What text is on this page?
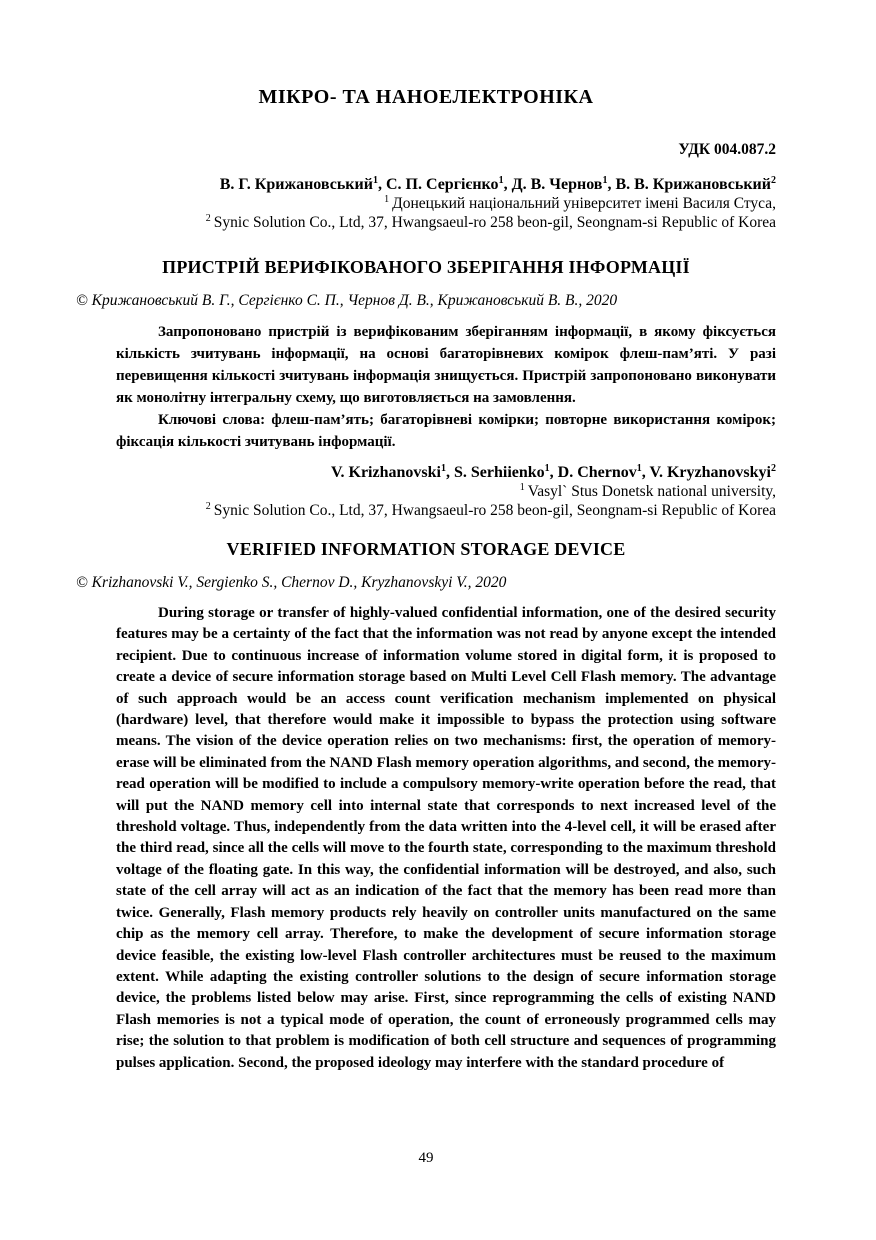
МІКРО- ТА НАНОЕЛЕКТРОНІКА
УДК 004.087.2
В. Г. Крижановський$^1$, С. П. Сергієнко$^1$, Д. В. Чернов$^1$, В. В. Крижановський$^2$
$^1$ Донецький національний університет імені Василя Стуса,
$^2$ Synic Solution Co., Ltd, 37, Hwangsaeul-ro 258 beon-gil, Seongnam-si Republic of Korea
ПРИСТРІЙ ВЕРИФІКОВАНОГО ЗБЕРІГАННЯ ІНФОРМАЦІЇ
© Крижановський В. Г., Сергієнко С. П., Чернов Д. В., Крижановський В. В., 2020

Запропоновано пристрій із верифікованим зберіганням інформації, в якому фіксується кількість зчитувань інформації, на основі багаторівневих комірок флеш-пам’яті. У разі перевищення кількості зчитувань інформація знищується. Пристрій запропоновано виконувати як монолітну інтегральну схему, що виготовляється на замовлення.

Ключові слова: флеш-пам’ять; багаторівневі комірки; повторне використання комірок; фіксація кількості зчитувань інформації.

V. Krizhanovski$^1$, S. Serhiienko$^1$, D. Chernov$^1$, V. Kryzhanovskyi$^2$
$^1$ Vasyl` Stus Donetsk national university,
$^2$ Synic Solution Co., Ltd, 37, Hwangsaeul-ro 258 beon-gil, Seongnam-si Republic of Korea
VERIFIED INFORMATION STORAGE DEVICE
© Krizhanovski V., Sergienko S., Chernov D., Kryzhanovskyi V., 2020

During storage or transfer of highly-valued confidential information, one of the desired security features may be a certainty of the fact that the information was not read by anyone except the intended recipient. Due to continuous increase of information volume stored in digital form, it is proposed to create a device of secure information storage based on Multi Level Cell Flash memory. The advantage of such approach would be an access count verification mechanism implemented on physical (hardware) level, that therefore would make it impossible to bypass the protection using software means. The vision of the device operation relies on two mechanisms: first, the operation of memory-erase will be eliminated from the NAND Flash memory operation algorithms, and second, the memory-read operation will be modified to include a compulsory memory-write operation before the read, that will put the NAND memory cell into internal state that corresponds to next increased level of the threshold voltage. Thus, independently from the data written into the 4-level cell, it will be erased after the third read, since all the cells will move to the fourth state, corresponding to the maximum threshold voltage of the floating gate. In this way, the confidential information will be destroyed, and also, such state of the cell array will act as an indication of the fact that the memory has been read more than twice. Generally, Flash memory products rely heavily on controller units manufactured on the same chip as the memory cell array. Therefore, to make the development of secure information storage device feasible, the existing low-level Flash controller architectures must be reused to the maximum extent. While adapting the existing controller solutions to the design of secure information storage device, the problems listed below may arise. First, since reprogramming the cells of existing NAND Flash memories is not a typical mode of operation, the count of erroneously programmed cells may rise; the solution to that problem is modification of both cell structure and sequences of programming pulses application. Second, the proposed ideology may interfere with the standard procedure of

49
